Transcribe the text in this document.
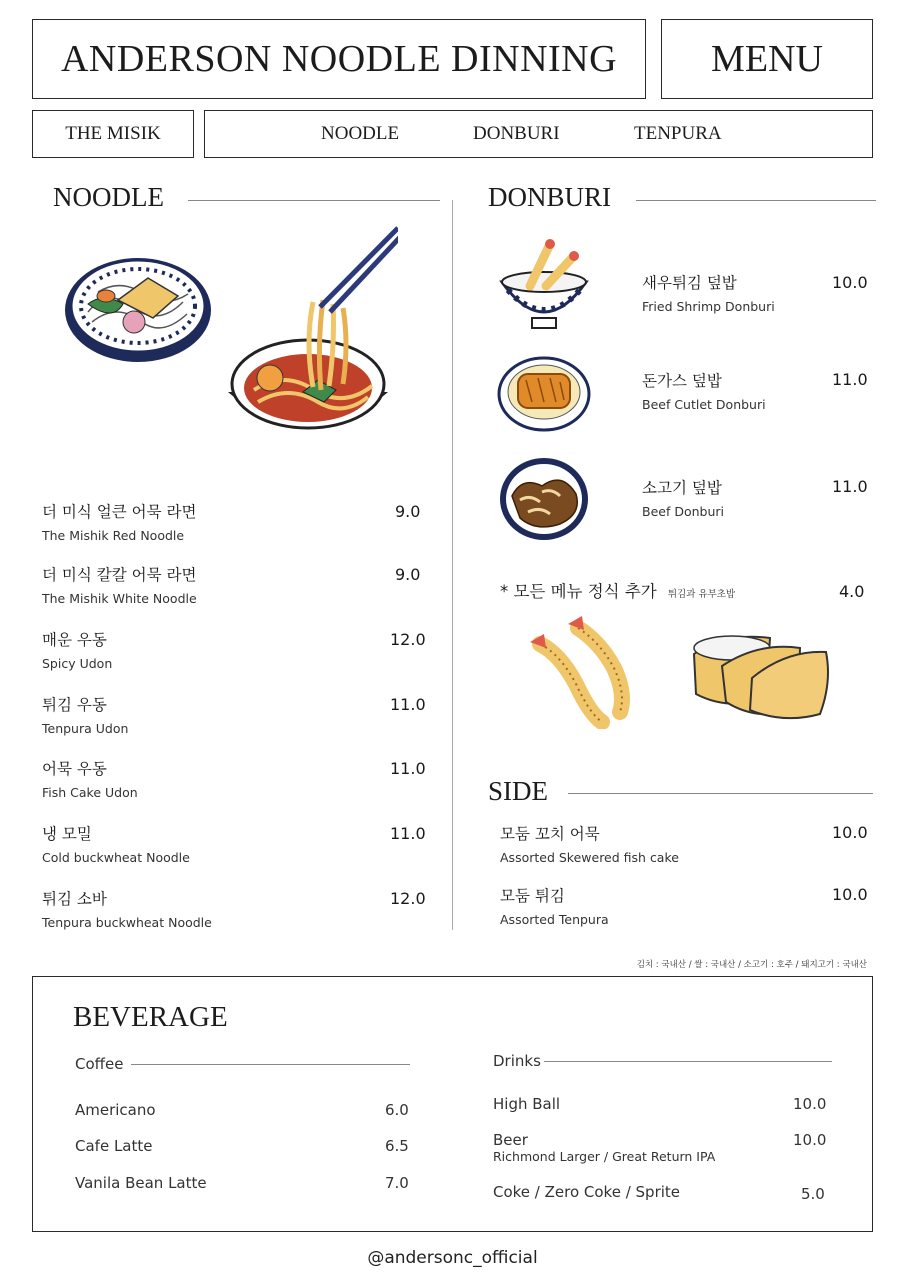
ANDERSON NOODLE DINNING MENU
THE MISIK	NOODLE	DONBURI	TENPURA
NOODLE
더 미식 얼큰 어묵 라면
The Mishik Red Noodle
9.0
더 미식 칼칼 어묵 라면
The Mishik White Noodle
9.0
매운 우동
Spicy Udon
12.0
튀김 우동
Tenpura Udon
11.0
어묵 우동
Fish Cake Udon
11.0
냉 모밀
Cold buckwheat Noodle
11.0
튀김 소바
Tenpura buckwheat Noodle
12.0
DONBURI
새우튀김 덮밥
Fried Shrimp Donburi
10.0
돈가스 덮밥
Beef Cutlet Donburi
11.0
소고기 덮밥
Beef Donburi
11.0
* 모든 메뉴 정식 추가 튀김과 유부초밥	4.0
SIDE
모둠 꼬치 어묵
Assorted Skewered fish cake
10.0
모둠 튀김
Assorted Tenpura
10.0
김치 : 국내산 / 쌀 : 국내산 / 소고기 : 호주 / 돼지고기 : 국내산
BEVERAGE
Coffee
Americano	6.0
Cafe Latte	6.5
Vanila Bean Latte	7.0
Drinks
High Ball	10.0
Beer
Richmond Larger / Great Return IPA
10.0
Coke / Zero Coke / Sprite	5.0
@andersonc_official
